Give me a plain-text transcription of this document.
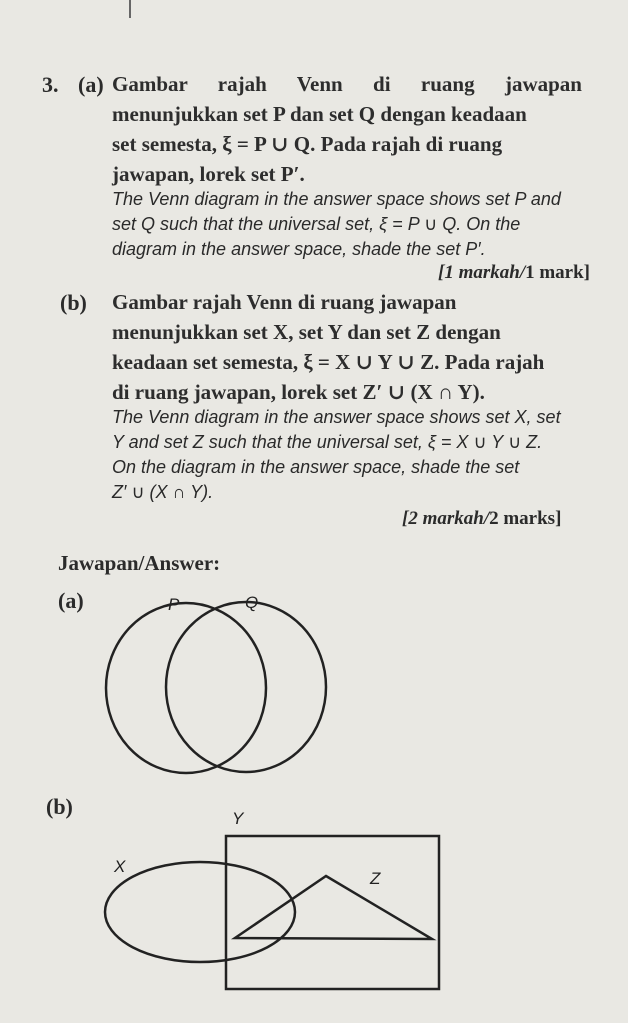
3. (a) Gambar rajah Venn di ruang jawapan
menunjukkan set P dan set Q dengan keadaan
set semesta, ξ = P ∪ Q. Pada rajah di ruang
jawapan, lorek set P′.
The Venn diagram in the answer space shows set P and
set Q such that the universal set, ξ = P ∪ Q. On the
diagram in the answer space, shade the set P′.
[1 markah/1 mark]
(b) Gambar rajah Venn di ruang jawapan
menunjukkan set X, set Y dan set Z dengan
keadaan set semesta, ξ = X ∪ Y ∪ Z. Pada rajah
di ruang jawapan, lorek set Z′ ∪ (X ∩ Y).
The Venn diagram in the answer space shows set X, set
Y and set Z such that the universal set, ξ = X ∪ Y ∪ Z.
On the diagram in the answer space, shade the set
Z′ ∪ (X ∩ Y).
[2 markah/2 marks]
Jawapan/Answer:
(a)
(b)
P	Q
Y
X
Z
